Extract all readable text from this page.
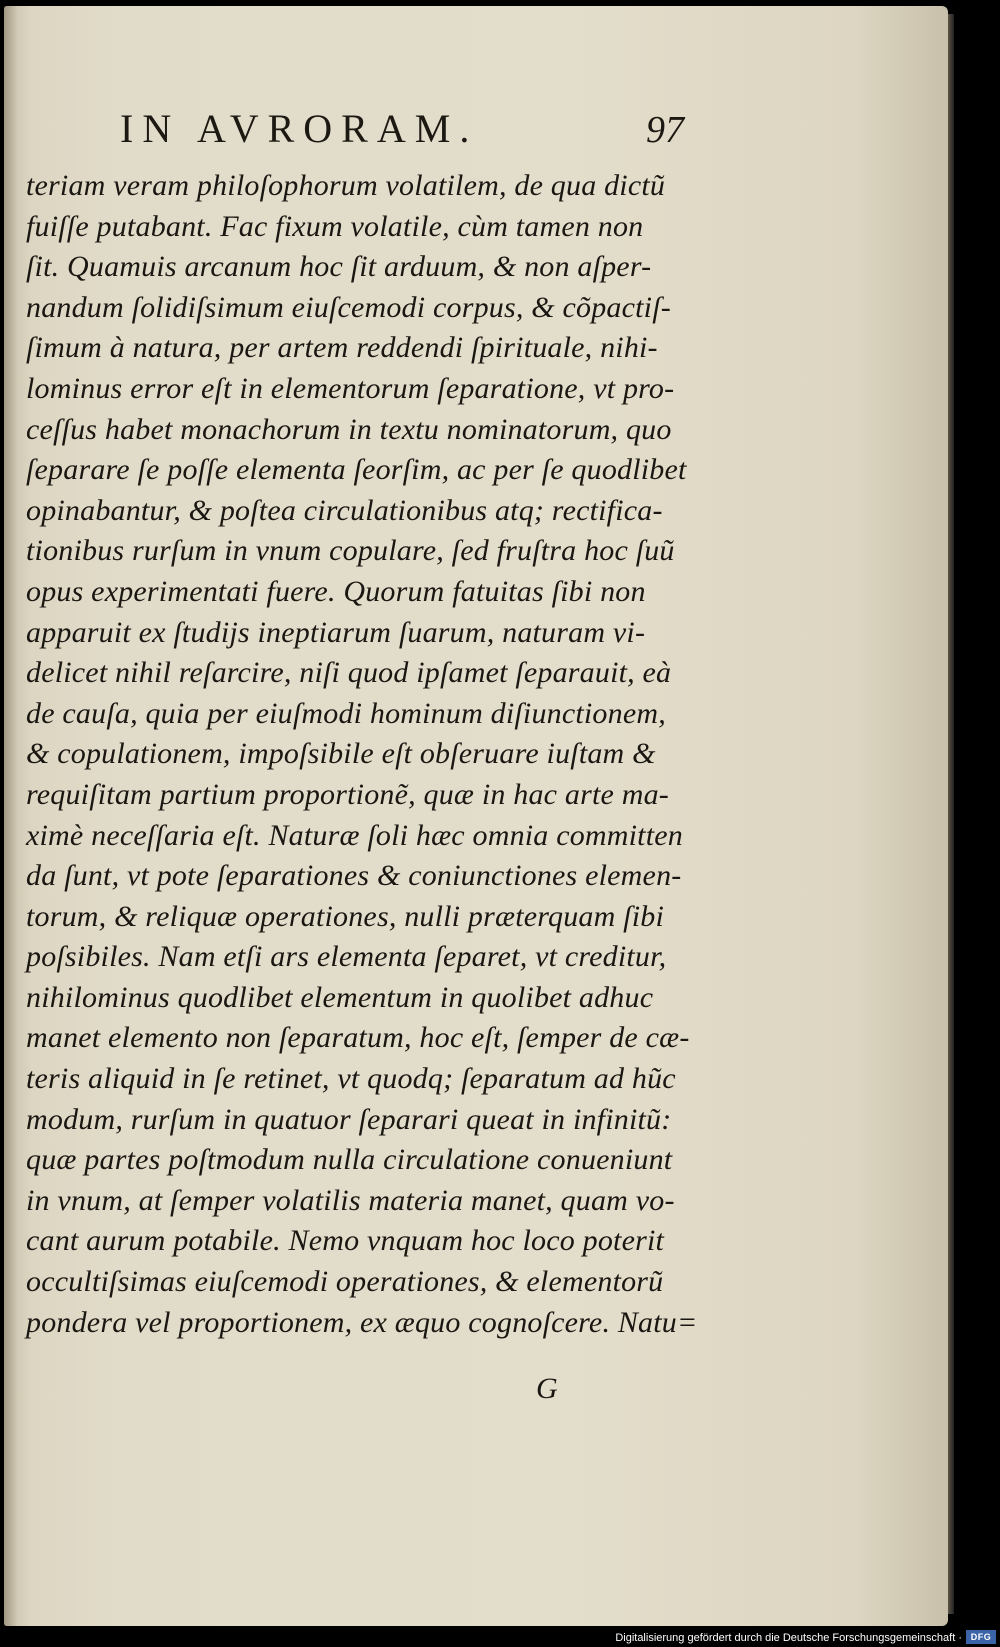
IN AVRORAM.	97
teriam veram philoſophorum volatilem, de qua dictũ
fuiſſe putabant. Fac fixum volatile, cùm tamen non
ſit. Quamuis arcanum hoc ſit arduum, & non aſper-
nandum ſolidiſsimum eiuſcemodi corpus, & cõpactiſ-
ſimum à natura, per artem reddendi ſpirituale, nihi-
lominus error eſt in elementorum ſeparatione, vt pro-
ceſſus habet monachorum in textu nominatorum, quo
ſeparare ſe poſſe elementa ſeorſim, ac per ſe quodlibet
opinabantur, & poſtea circulationibus atq; rectifica-
tionibus rurſum in vnum copulare, ſed fruſtra hoc ſuũ
opus experimentati fuere. Quorum fatuitas ſibi non
apparuit ex ſtudijs ineptiarum ſuarum, naturam vi-
delicet nihil reſarcire, niſi quod ipſamet ſeparauit, eà
de cauſa, quia per eiuſmodi hominum diſiunctionem,
& copulationem, impoſsibile eſt obſeruare iuſtam &
requiſitam partium proportionẽ, quæ in hac arte ma-
ximè neceſſaria eſt. Naturæ ſoli hæc omnia committen
da ſunt, vt pote ſeparationes & coniunctiones elemen-
torum, & reliquæ operationes, nulli præterquam ſibi
poſsibiles. Nam etſi ars elementa ſeparet, vt creditur,
nihilominus quodlibet elementum in quolibet adhuc
manet elemento non ſeparatum, hoc eſt, ſemper de cæ-
teris aliquid in ſe retinet, vt quodq; ſeparatum ad hũc
modum, rurſum in quatuor ſeparari queat in infinitũ:
quæ partes poſtmodum nulla circulatione conueniunt
in vnum, at ſemper volatilis materia manet, quam vo-
cant aurum potabile. Nemo vnquam hoc loco poterit
occultiſsimas eiuſcemodi operationes, & elementorũ
pondera vel proportionem, ex æquo cognoſcere. Natu=
G
Digitalisierung gefördert durch die Deutsche Forschungsgemeinschaft · DFG
